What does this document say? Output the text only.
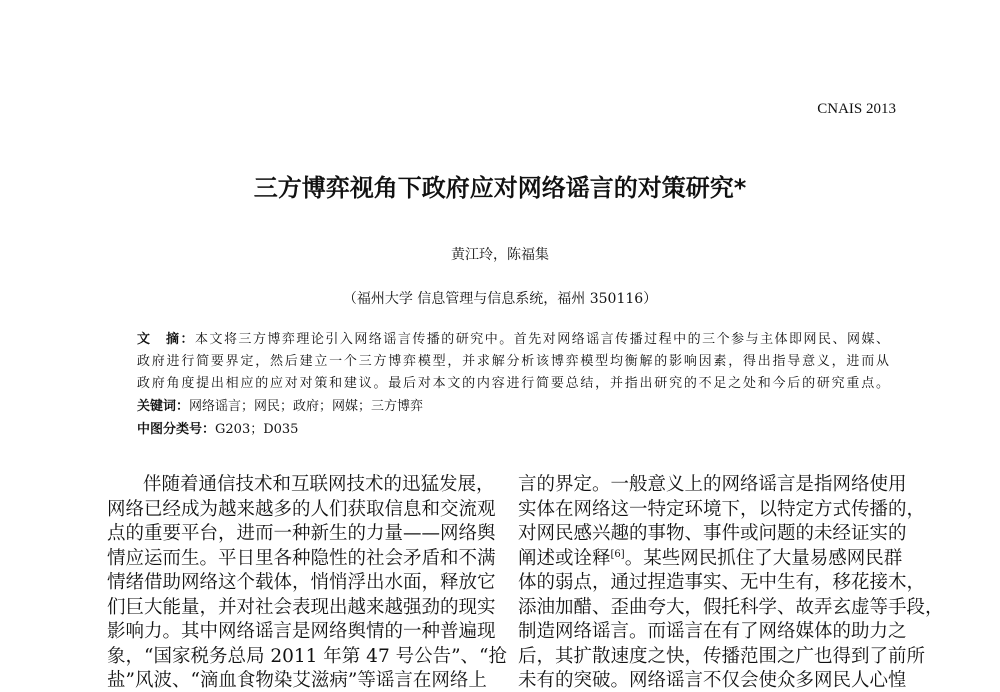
CNAIS 2013
三方博弈视角下政府应对网络谣言的对策研究*
黄江玲，陈福集
（福州大学 信息管理与信息系统，福州 350116）
文　摘：本文将三方博弈理论引入网络谣言传播的研究中。首先对网络谣言传播过程中的三个参与主体即网民、网媒、
政府进行简要界定，然后建立一个三方博弈模型，并求解分析该博弈模型均衡解的影响因素，得出指导意义，进而从
政府角度提出相应的应对对策和建议。最后对本文的内容进行简要总结，并指出研究的不足之处和今后的研究重点。
关键词：网络谣言；网民；政府；网媒；三方博弈
中图分类号：G203；D035
伴随着通信技术和互联网技术的迅猛发展，
网络已经成为越来越多的人们获取信息和交流观
点的重要平台，进而一种新生的力量——网络舆
情应运而生。平日里各种隐性的社会矛盾和不满
情绪借助网络这个载体，悄悄浮出水面，释放它
们巨大能量，并对社会表现出越来越强劲的现实
影响力。其中网络谣言是网络舆情的一种普遍现
象，“国家税务总局 2011 年第 47 号公告”、“抢
盐”风波、“滴血食物染艾滋病”等谣言在网络上
言的界定。一般意义上的网络谣言是指网络使用
实体在网络这一特定环境下，以特定方式传播的，
对网民感兴趣的事物、事件或问题的未经证实的
阐述或诠释[6]。某些网民抓住了大量易感网民群
体的弱点，通过捏造事实、无中生有，移花接木，
添油加醋、歪曲夸大，假托科学、故弄玄虚等手段，
制造网络谣言。而谣言在有了网络媒体的助力之
后，其扩散速度之快，传播范围之广也得到了前所
未有的突破。网络谣言不仅会使众多网民人心惶
